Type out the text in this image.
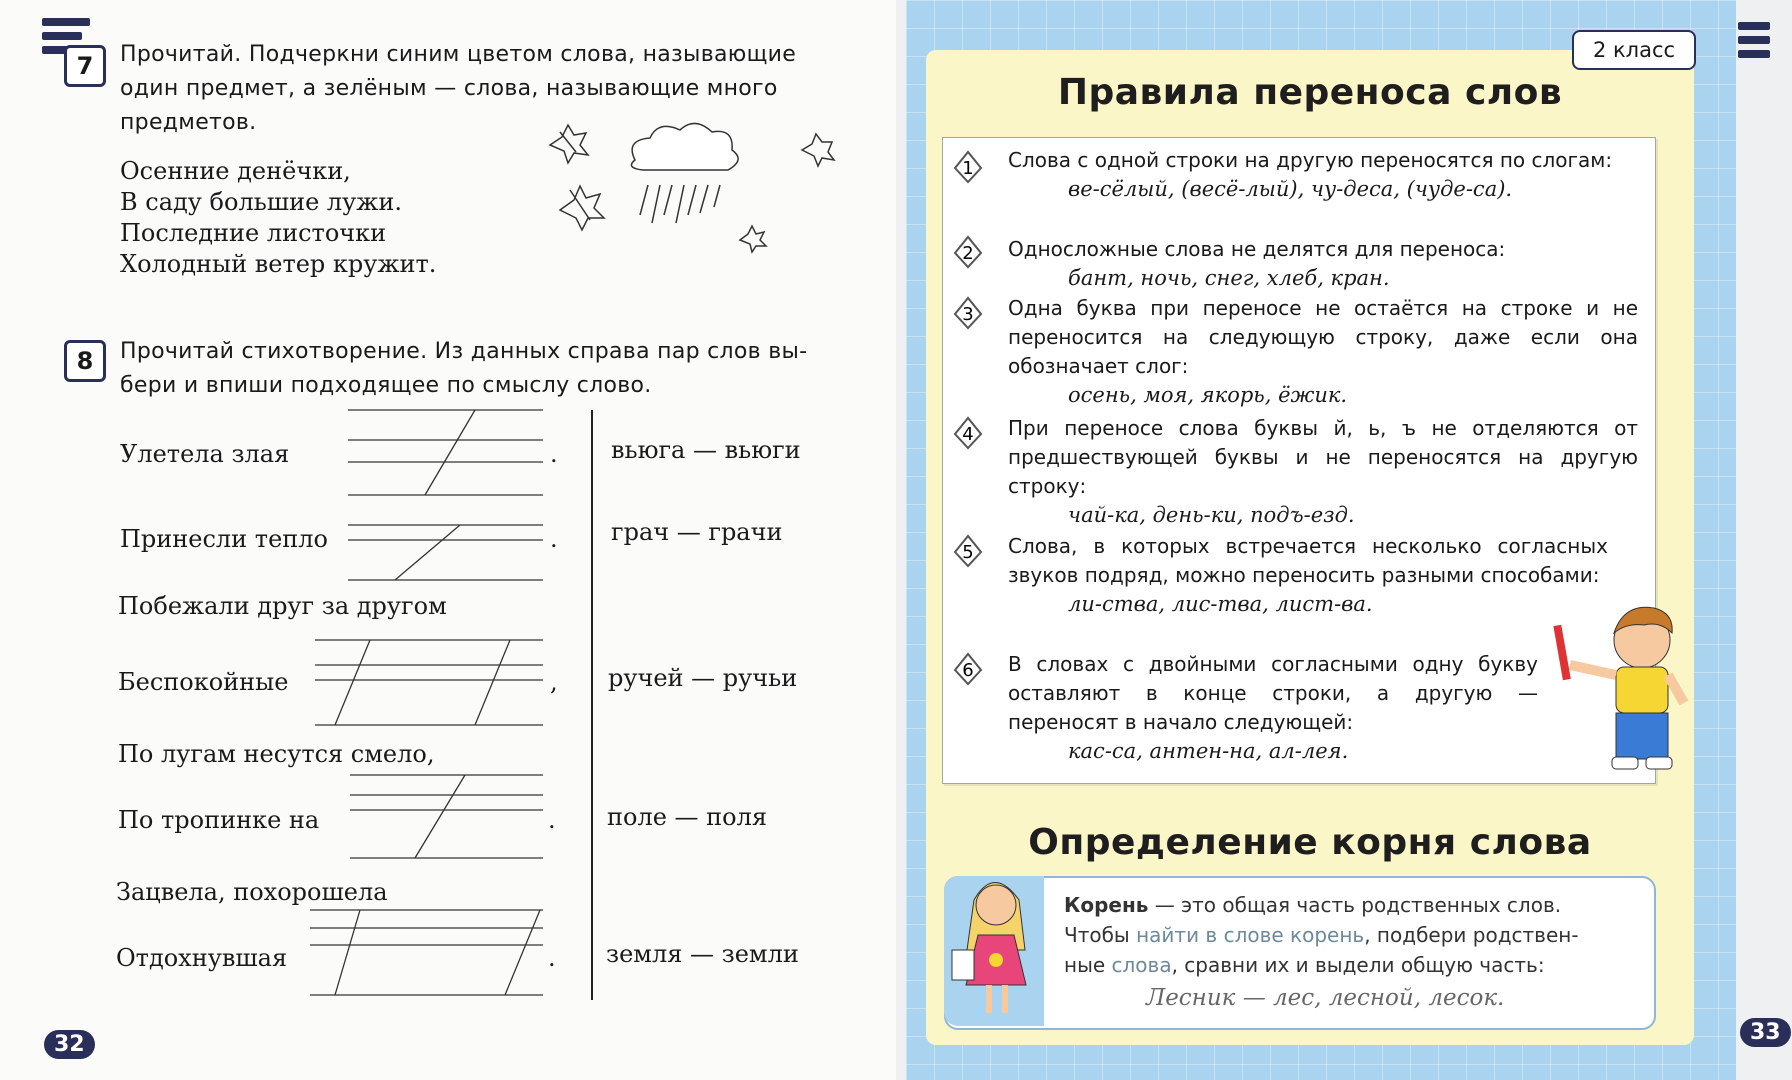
7	Прочитай. Подчеркни синим цветом слова, называющие
один предмет, а зелёным — слова, называющие много
предметов.
Осенние денёчки,
В саду большие лужи.
Последние листочки
Холодный ветер кружит.
8	Прочитай стихотворение. Из данных справа пар слов вы-
бери и впиши подходящее по смыслу слово.
Улетела злая
Принесли тепло
Побежали друг за другом
Беспокойные
По лугам несутся смело,
По тропинке на
Зацвела, похорошела
Отдохнувшая
.
.
,
.
.
вьюга — вьюги
грач — грачи
ручей — ручьи
поле — поля
земля — земли
32
2 класс
Правила переноса слов
1 Слова с одной строки на другую переносятся по слогам:
ве-сёлый, (весё-лый), чу-деса, (чуде-са).
2 Односложные слова не делятся для переноса:
бант, ночь, снег, хлеб, кран.
3 Одна буква при переносе не остаётся на строке и не переносится на следующую строку, даже если она обозначает слог:
осень, моя, якорь, ёжик.
4 При переносе слова буквы й, ь, ъ не отделяются от предшествующей буквы и не переносятся на другую строку:
чай-ка, день-ки, подъ-езд.
5 Слова, в которых встречается несколько согласных звуков подряд, можно переносить разными способами:
ли-ства, лис-тва, лист-ва.
6 В словах с двойными согласными одну букву оставляют в конце строки, а другую — переносят в начало следующей:
кас-са, антен-на, ал-лея.
Определение корня слова
Корень — это общая часть родственных слов.
Чтобы найти в слове корень, подбери родствен-
ные слова, сравни их и выдели общую часть:
Лесник — лес, лесной, лесок.
33
